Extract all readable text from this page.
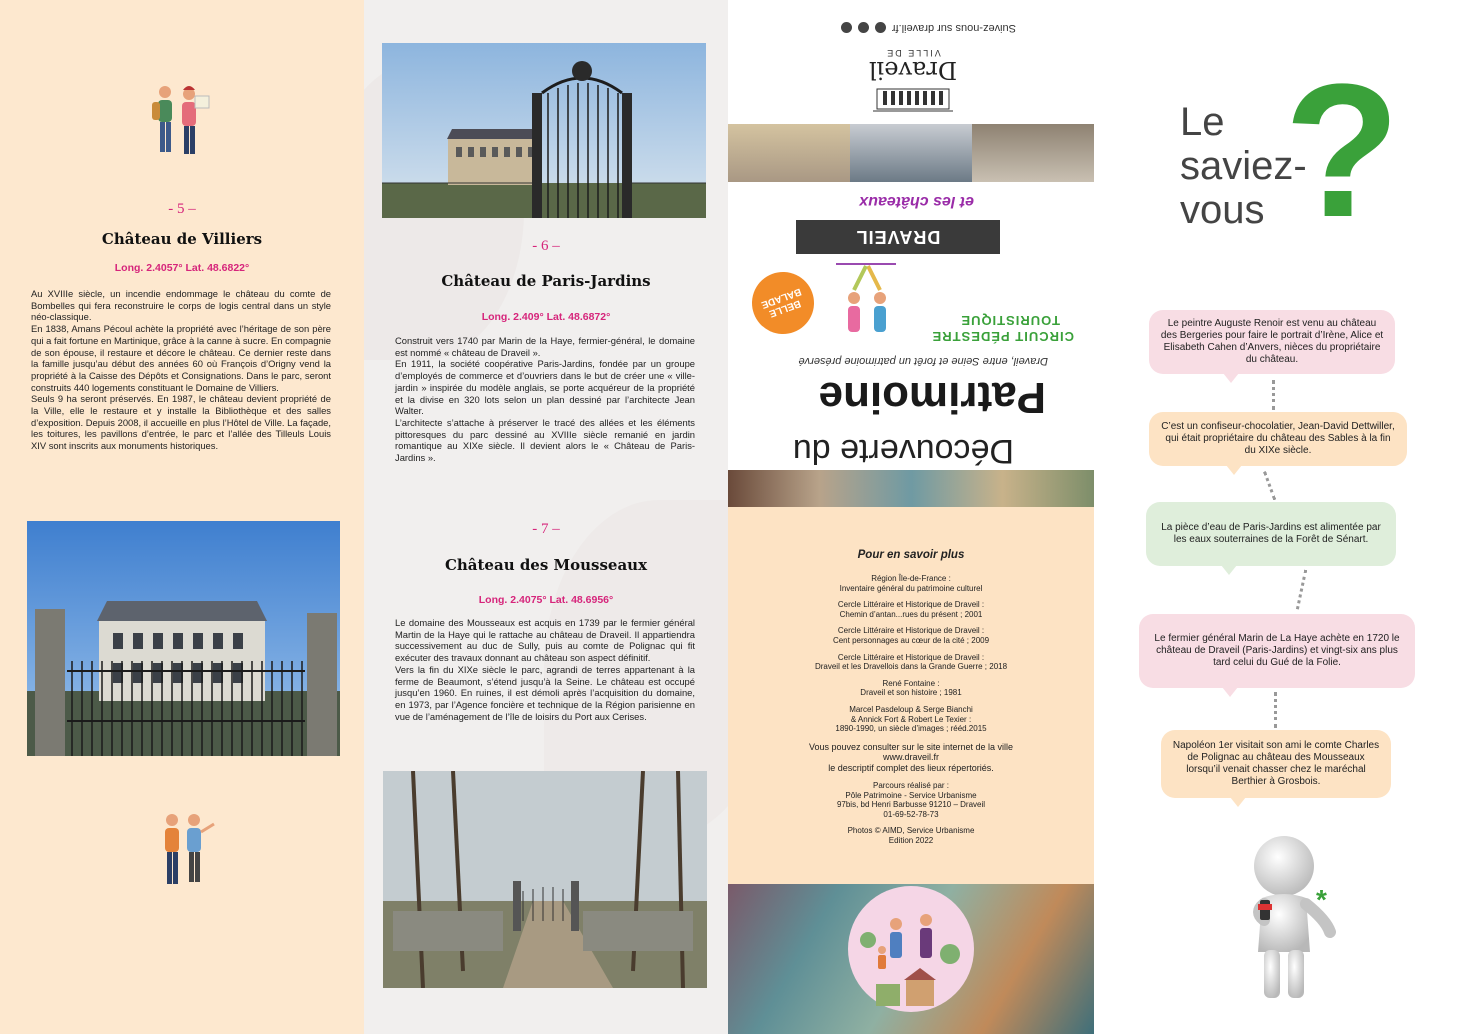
- 5 –
Château de Villiers
Long. 2.4057° Lat. 48.6822°

Au XVIIIe siècle, un incendie endommage le château du comte de Bombelles qui fera reconstruire le corps de logis central dans un style néo-classique.

En 1838, Amans Pécoul achète la propriété avec l’héritage de son père qui a fait fortune en Martinique, grâce à la canne à sucre. En compagnie de son épouse, il restaure et décore le château. Ce dernier reste dans la famille jusqu’au début des années 60 où François d’Origny vend la propriété à la Caisse des Dépôts et Consignations. Dans le parc, seront construits 440 logements constituant le Domaine de Villiers.

Seuls 9 ha seront préservés. En 1987, le château devient propriété de la Ville, elle le restaure et y installe la Bibliothèque et des salles d’exposition. Depuis 2008, il accueille en plus l’Hôtel de Ville. La façade, les toitures, les pavillons d’entrée, le parc et l’allée des Tilleuls Louis XIV sont inscrits aux monuments historiques.

- 6 –
Château de Paris-Jardins
Long. 2.409° Lat. 48.6872°

Construit vers 1740 par Marin de la Haye, fermier-général, le domaine est nommé « château de Draveil ».

En 1911, la société coopérative Paris-Jardins, fondée par un groupe d’employés de commerce et d’ouvriers dans le but de créer une « ville-jardin » inspirée du modèle anglais, se porte acquéreur de la propriété et la divise en 320 lots selon un plan dessiné par l’architecte Jean Walter.

L’architecte s’attache à préserver le tracé des allées et les éléments pittoresques du parc dessiné au XVIIIe siècle remanié en jardin romantique au XIXe siècle. Il devient alors le « Château de Paris-Jardins ».

- 7 –
Château des Mousseaux
Long. 2.4075° Lat. 48.6956°

Le domaine des Mousseaux est acquis en 1739 par le fermier général Martin de la Haye qui le rattache au château de Draveil. Il appartiendra successivement au duc de Sully, puis au comte de Polignac qui fit exécuter des travaux donnant au château son aspect définitif.

Vers la fin du XIXe siècle le parc, agrandi de terres appartenant à la ferme de Beaumont, s’étend jusqu’à la Seine. Le château est occupé jusqu’en 1960. En ruines, il est démoli après l’acquisition du domaine, en 1973, par l’Agence foncière et technique de la Région parisienne en vue de l’aménagement de l’île de loisirs du Port aux Cerises.

Découverte du
Patrimoine
Draveil, entre Seine et forêt un patrimoine préservé
CIRCUIT PÉDESTRE
TOURISTIQUE
BELLE BALADE
DRAVEIL
et les châteaux
Draveil
VILLE DE
Suivez-nous sur draveil.fr
Pour en savoir plus
Région Île-de-France :
Inventaire général du patrimoine culturel
Cercle Littéraire et Historique de Draveil :
Chemin d’antan...rues du présent ; 2001
Cercle Littéraire et Historique de Draveil :
Cent personnages au cœur de la cité ; 2009
Cercle Littéraire et Historique de Draveil :
Draveil et les Dravellois dans la Grande Guerre ; 2018
René Fontaine :
Draveil et son histoire ; 1981
Marcel Pasdeloup & Serge Bianchi
& Annick Fort & Robert Le Texier :
1890-1990, un siècle d’images ; rééd.2015
Vous pouvez consulter sur le site internet de la ville
www.draveil.fr
le descriptif complet des lieux répertoriés.
Parcours réalisé par :
Pôle Patrimoine - Service Urbanisme
97bis, bd Henri Barbusse 91210 – Draveil
01-69-52-78-73
Photos © AIMD, Service Urbanisme
Edition 2022
Le
saviez-
vous ?
Le peintre Auguste Renoir est venu au château des Bergeries pour faire le portrait d’Irène, Alice et Elisabeth Cahen d’Anvers, nièces du propriétaire du château.
C’est un confiseur-chocolatier, Jean-David Dettwiller, qui était propriétaire du château des Sables à la fin du XIXe siècle.
La pièce d’eau de Paris-Jardins est alimentée par les eaux souterraines de la Forêt de Sénart.
Le fermier général Marin de La Haye achète en 1720 le château de Draveil (Paris-Jardins) et vingt-six ans plus tard celui du Gué de la Folie.
Napoléon 1er visitait son ami le comte Charles de Polignac au château des Mousseaux lorsqu’il venait chasser chez le maréchal Berthier à Grosbois.
*
